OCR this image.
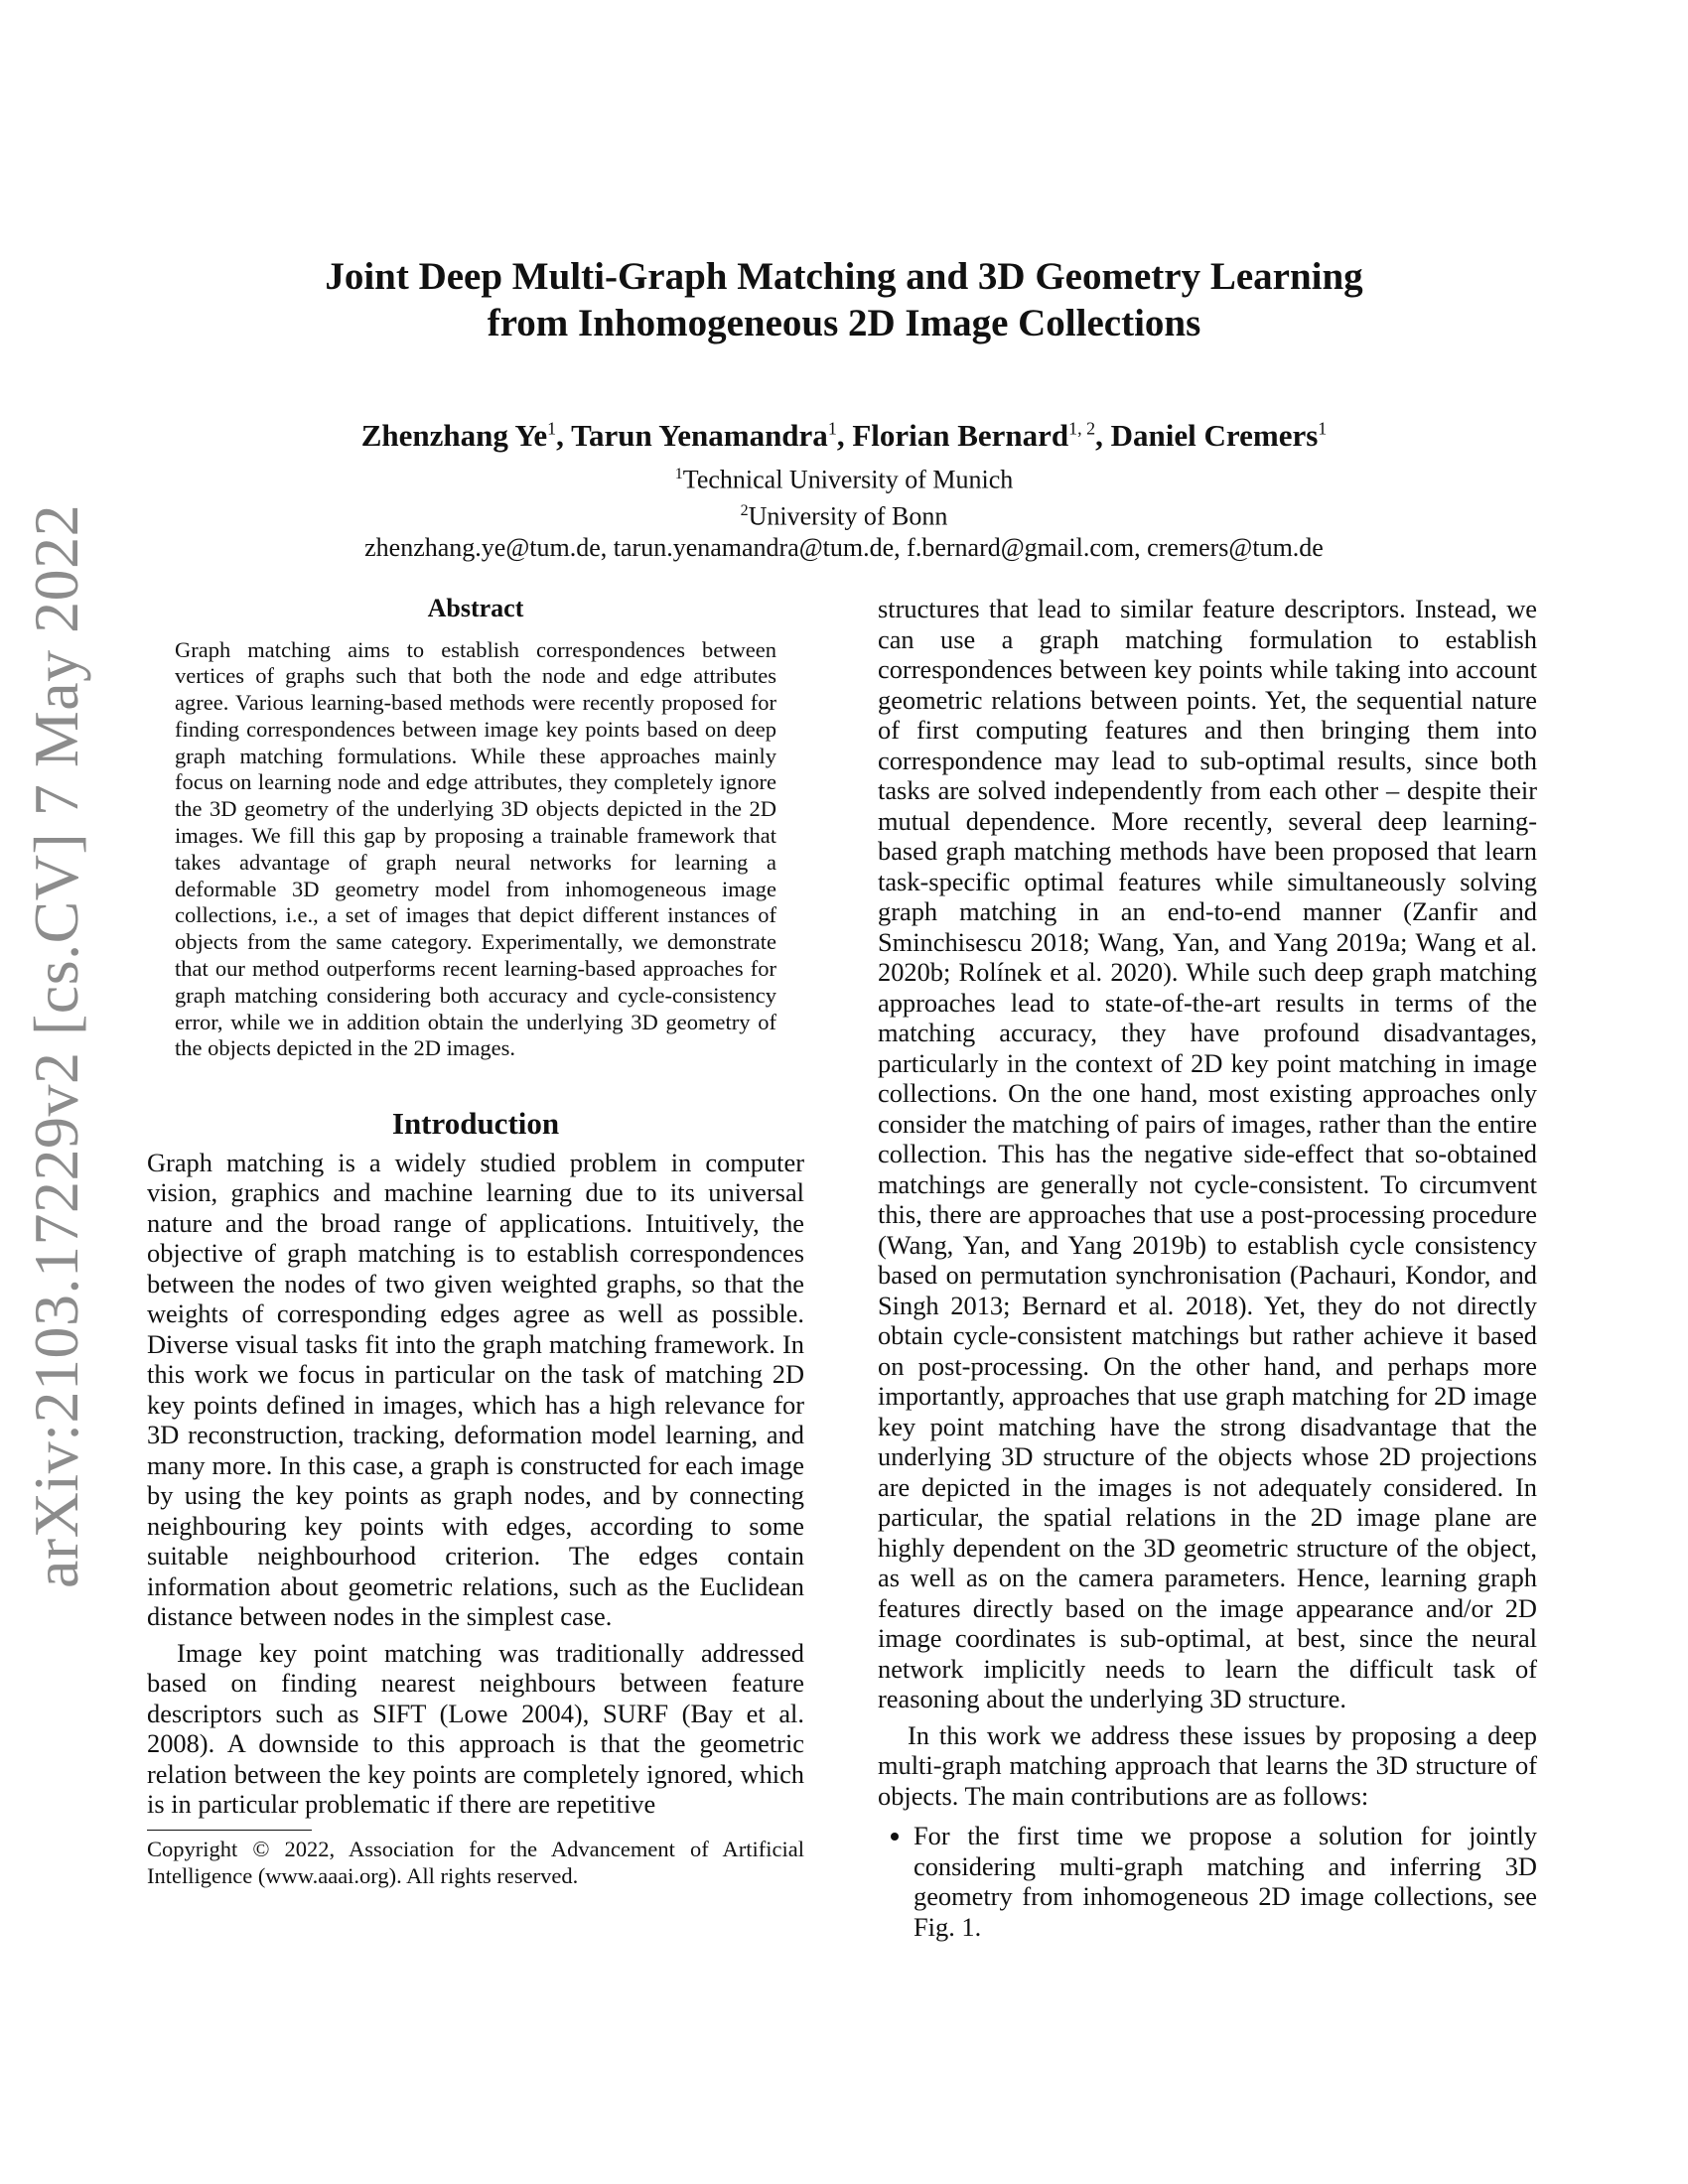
arXiv:2103.17229v2 [cs.CV] 7 May 2022
Joint Deep Multi-Graph Matching and 3D Geometry Learning
from Inhomogeneous 2D Image Collections
Zhenzhang Ye$^1$, Tarun Yenamandra$^1$, Florian Bernard$^{1, 2}$, Daniel Cremers$^1$
$^1$Technical University of Munich
$^2$University of Bonn
zhenzhang.ye@tum.de, tarun.yenamandra@tum.de, f.bernard@gmail.com, cremers@tum.de
Abstract

Graph matching aims to establish correspondences between vertices of graphs such that both the node and edge attributes agree. Various learning-based methods were recently proposed for finding correspondences between image key points based on deep graph matching formulations. While these approaches mainly focus on learning node and edge attributes, they completely ignore the 3D geometry of the underlying 3D objects depicted in the 2D images. We fill this gap by proposing a trainable framework that takes advantage of graph neural networks for learning a deformable 3D geometry model from inhomogeneous image collections, i.e., a set of images that depict different instances of objects from the same category. Experimentally, we demonstrate that our method outperforms recent learning-based approaches for graph matching considering both accuracy and cycle-consistency error, while we in addition obtain the underlying 3D geometry of the objects depicted in the 2D images.

Introduction

Graph matching is a widely studied problem in computer vision, graphics and machine learning due to its universal nature and the broad range of applications. Intuitively, the objective of graph matching is to establish correspondences between the nodes of two given weighted graphs, so that the weights of corresponding edges agree as well as possible. Diverse visual tasks fit into the graph matching framework. In this work we focus in particular on the task of matching 2D key points defined in images, which has a high relevance for 3D reconstruction, tracking, deformation model learning, and many more. In this case, a graph is constructed for each image by using the key points as graph nodes, and by connecting neighbouring key points with edges, according to some suitable neighbourhood criterion. The edges contain information about geometric relations, such as the Euclidean distance between nodes in the simplest case.

Image key point matching was traditionally addressed based on finding nearest neighbours between feature descriptors such as SIFT (Lowe 2004), SURF (Bay et al. 2008). A downside to this approach is that the geometric relation between the key points are completely ignored, which is in particular problematic if there are repetitive

Copyright © 2022, Association for the Advancement of Artificial Intelligence (www.aaai.org). All rights reserved.

structures that lead to similar feature descriptors. Instead, we can use a graph matching formulation to establish correspondences between key points while taking into account geometric relations between points. Yet, the sequential nature of first computing features and then bringing them into correspondence may lead to sub-optimal results, since both tasks are solved independently from each other – despite their mutual dependence. More recently, several deep learning-based graph matching methods have been proposed that learn task-specific optimal features while simultaneously solving graph matching in an end-to-end manner (Zanfir and Sminchisescu 2018; Wang, Yan, and Yang 2019a; Wang et al. 2020b; Rolínek et al. 2020). While such deep graph matching approaches lead to state-of-the-art results in terms of the matching accuracy, they have profound disadvantages, particularly in the context of 2D key point matching in image collections. On the one hand, most existing approaches only consider the matching of pairs of images, rather than the entire collection. This has the negative side-effect that so-obtained matchings are generally not cycle-consistent. To circumvent this, there are approaches that use a post-processing procedure (Wang, Yan, and Yang 2019b) to establish cycle consistency based on permutation synchronisation (Pachauri, Kondor, and Singh 2013; Bernard et al. 2018). Yet, they do not directly obtain cycle-consistent matchings but rather achieve it based on post-processing. On the other hand, and perhaps more importantly, approaches that use graph matching for 2D image key point matching have the strong disadvantage that the underlying 3D structure of the objects whose 2D projections are depicted in the images is not adequately considered. In particular, the spatial relations in the 2D image plane are highly dependent on the 3D geometric structure of the object, as well as on the camera parameters. Hence, learning graph features directly based on the image appearance and/or 2D image coordinates is sub-optimal, at best, since the neural network implicitly needs to learn the difficult task of reasoning about the underlying 3D structure.

In this work we address these issues by proposing a deep multi-graph matching approach that learns the 3D structure of objects. The main contributions are as follows:

• For the first time we propose a solution for jointly considering multi-graph matching and inferring 3D geometry from inhomogeneous 2D image collections, see Fig. 1.
